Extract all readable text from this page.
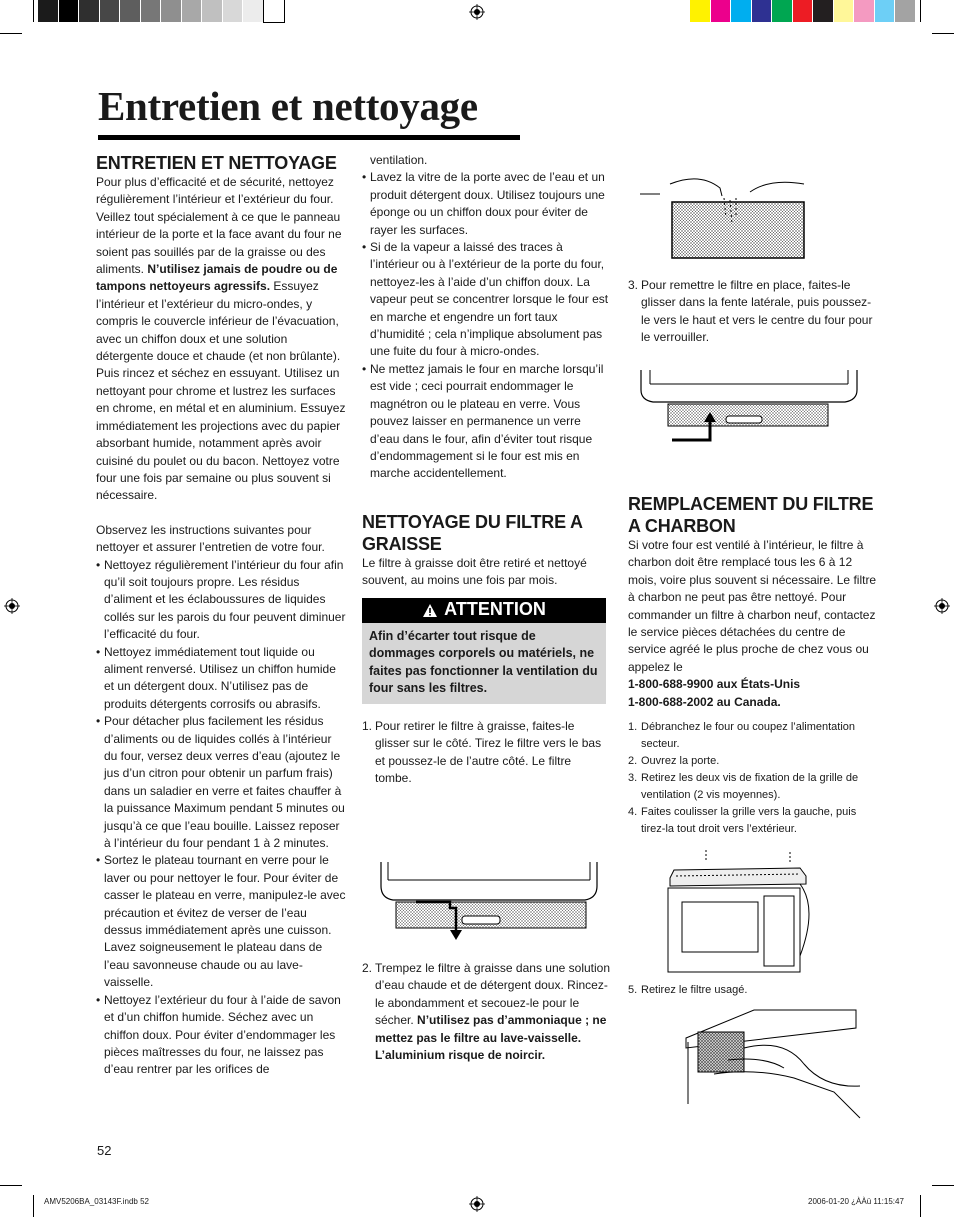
Entretien et nettoyage
ENTRETIEN ET NETTOYAGE

Pour plus d’efficacité et de sécurité, nettoyez régulièrement l’intérieur et l’extérieur du four. Veillez tout spécialement à ce que le panneau intérieur de la porte et la face avant du four ne soient pas souillés par de la graisse ou des aliments. N’utilisez jamais de poudre ou de tampons nettoyeurs agressifs. Essuyez l’intérieur et l’extérieur du micro-ondes, y compris le couvercle inférieur de l’évacuation, avec un chiffon doux et une solution détergente douce et chaude (et non brûlante). Puis rincez et séchez en essuyant. Utilisez un nettoyant pour chrome et lustrez les surfaces en chrome, en métal et en aluminium. Essuyez immédiatement les projections avec du papier absorbant humide, notamment après avoir cuisiné du poulet ou du bacon. Nettoyez votre four une fois par semaine ou plus souvent si nécessaire.

Observez les instructions suivantes pour nettoyer et assurer l’entretien de votre four.

• Nettoyez régulièrement l’intérieur du four afin qu’il soit toujours propre. Les résidus d’aliment et les éclaboussures de liquides collés sur les parois du four peuvent diminuer l’efficacité du four.
• Nettoyez immédiatement tout liquide ou aliment renversé. Utilisez un chiffon humide et un détergent doux. N’utilisez pas de produits détergents corrosifs ou abrasifs.
• Pour détacher plus facilement les résidus d’aliments ou de liquides collés à l’intérieur du four, versez deux verres d’eau (ajoutez le jus d’un citron pour obtenir un parfum frais) dans un saladier en verre et faites chauffer à la puissance Maximum pendant 5 minutes ou jusqu’à ce que l’eau bouille. Laissez reposer à l’intérieur du four pendant 1 à 2 minutes.
• Sortez le plateau tournant en verre pour le laver ou pour nettoyer le four. Pour éviter de casser le plateau en verre, manipulez-le avec précaution et évitez de verser de l’eau dessus immédiatement après une cuisson. Lavez soigneusement le plateau dans de l’eau savonneuse chaude ou au lave-vaisselle.
• Nettoyez l’extérieur du four à l’aide de savon et d’un chiffon humide. Séchez avec un chiffon doux. Pour éviter d’endommager les pièces maîtresses du four, ne laissez pas d’eau rentrer par les orifices de

ventilation.

• Lavez la vitre de la porte avec de l’eau et un produit détergent doux. Utilisez toujours une éponge ou un chiffon doux pour éviter de rayer les surfaces.
• Si de la vapeur a laissé des traces à l’intérieur ou à l’extérieur de la porte du four, nettoyez-les à l’aide d’un chiffon doux. La vapeur peut se concentrer lorsque le four est en marche et engendre un fort taux d’humidité ; cela n’implique absolument pas une fuite du four à micro-ondes.
• Ne mettez jamais le four en marche lorsqu’il est vide ; ceci pourrait endommager le magnétron ou le plateau en verre. Vous pouvez laisser en permanence un verre d’eau dans le four, afin d’éviter tout risque d’endommagement si le four est mis en marche accidentellement.
NETTOYAGE DU FILTRE A GRAISSE

Le filtre à graisse doit être retiré et nettoyé souvent, au moins une fois par mois.

ATTENTION
Afin d’écarter tout risque de dommages corporels ou matériels, ne faites pas fonctionner la ventilation du four sans les filtres.
1. Pour retirer le filtre à graisse, faites-le glisser sur le côté. Tirez le filtre vers le bas et poussez-le de l’autre côté. Le filtre tombe.
2. Trempez le filtre à graisse dans une solution d’eau chaude et de détergent doux. Rincez-le abondamment et secouez-le pour le sécher. N’utilisez pas d’ammoniaque ; ne mettez pas le filtre au lave-vaisselle. L’aluminium risque de noircir.
3. Pour remettre le filtre en place, faites-le glisser dans la fente latérale, puis poussez-le vers le haut et vers le centre du four pour le verrouiller.
REMPLACEMENT DU FILTRE A CHARBON

Si votre four est ventilé à l’intérieur, le filtre à charbon doit être remplacé tous les 6 à 12 mois, voire plus souvent si nécessaire. Le filtre à charbon ne peut pas être nettoyé. Pour commander un filtre à charbon neuf, contactez le service pièces détachées du centre de service agréé le plus proche de chez vous ou appelez le

1-800-688-9900 aux États-Unis

1-800-688-2002 au Canada.

1. Débranchez le four ou coupez l’alimentation secteur.
2. Ouvrez la porte.
3. Retirez les deux vis de fixation de la grille de ventilation (2 vis moyennes).
4. Faites coulisser la grille vers la gauche, puis tirez-la tout droit vers l’extérieur.
5. Retirez le filtre usagé.
52
AMV5206BA_03143F.indb 52	2006-01-20 ¿ÀÀü 11:15:47
